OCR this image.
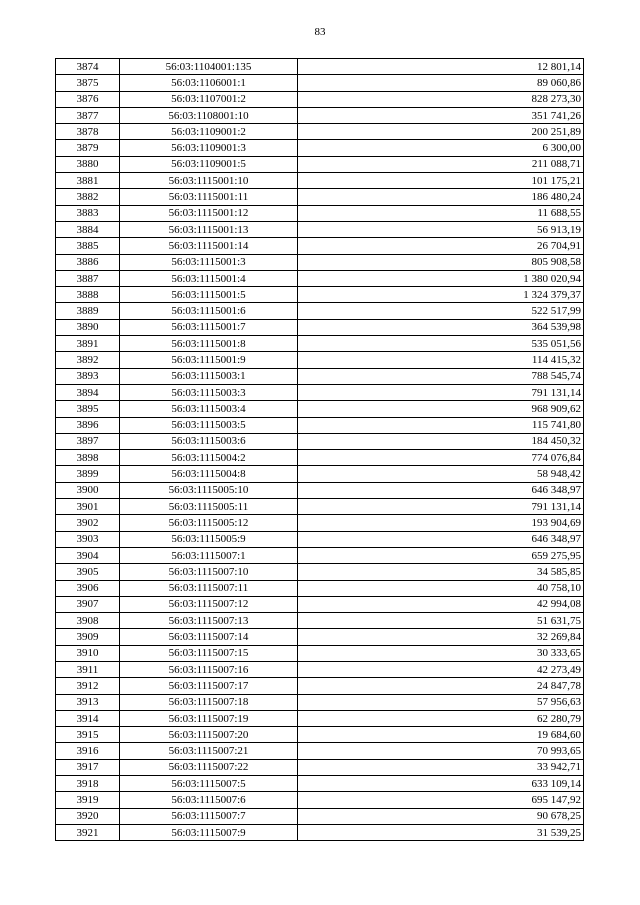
83
3874	56:03:1104001:135	12 801,14
3875	56:03:1106001:1	89 060,86
3876	56:03:1107001:2	828 273,30
3877	56:03:1108001:10	351 741,26
3878	56:03:1109001:2	200 251,89
3879	56:03:1109001:3	6 300,00
3880	56:03:1109001:5	211 088,71
3881	56:03:1115001:10	101 175,21
3882	56:03:1115001:11	186 480,24
3883	56:03:1115001:12	11 688,55
3884	56:03:1115001:13	56 913,19
3885	56:03:1115001:14	26 704,91
3886	56:03:1115001:3	805 908,58
3887	56:03:1115001:4	1 380 020,94
3888	56:03:1115001:5	1 324 379,37
3889	56:03:1115001:6	522 517,99
3890	56:03:1115001:7	364 539,98
3891	56:03:1115001:8	535 051,56
3892	56:03:1115001:9	114 415,32
3893	56:03:1115003:1	788 545,74
3894	56:03:1115003:3	791 131,14
3895	56:03:1115003:4	968 909,62
3896	56:03:1115003:5	115 741,80
3897	56:03:1115003:6	184 450,32
3898	56:03:1115004:2	774 076,84
3899	56:03:1115004:8	58 948,42
3900	56:03:1115005:10	646 348,97
3901	56:03:1115005:11	791 131,14
3902	56:03:1115005:12	193 904,69
3903	56:03:1115005:9	646 348,97
3904	56:03:1115007:1	659 275,95
3905	56:03:1115007:10	34 585,85
3906	56:03:1115007:11	40 758,10
3907	56:03:1115007:12	42 994,08
3908	56:03:1115007:13	51 631,75
3909	56:03:1115007:14	32 269,84
3910	56:03:1115007:15	30 333,65
3911	56:03:1115007:16	42 273,49
3912	56:03:1115007:17	24 847,78
3913	56:03:1115007:18	57 956,63
3914	56:03:1115007:19	62 280,79
3915	56:03:1115007:20	19 684,60
3916	56:03:1115007:21	70 993,65
3917	56:03:1115007:22	33 942,71
3918	56:03:1115007:5	633 109,14
3919	56:03:1115007:6	695 147,92
3920	56:03:1115007:7	90 678,25
3921	56:03:1115007:9	31 539,25
